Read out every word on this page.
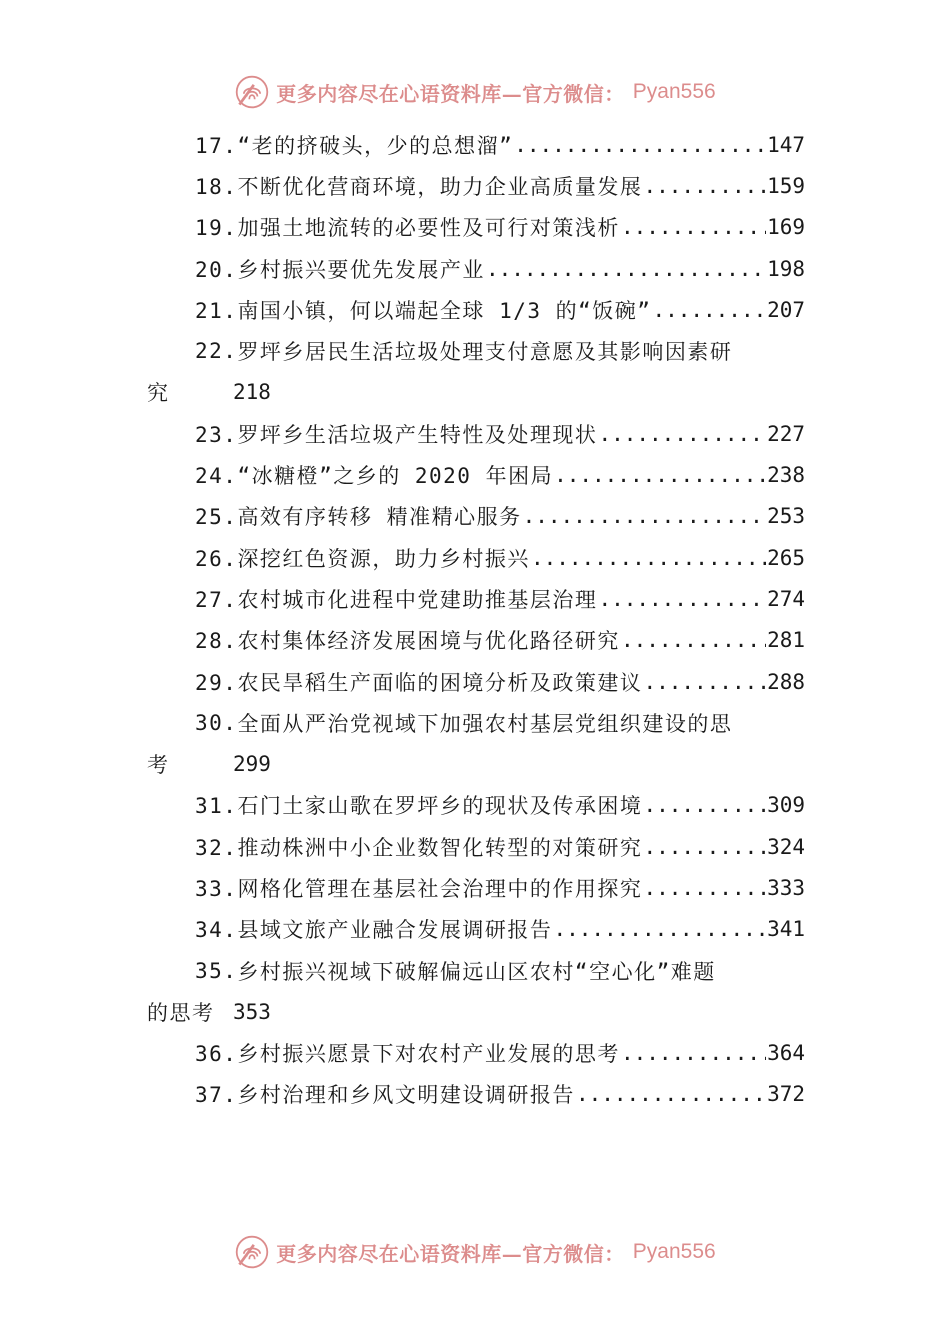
更多内容尽在心语资料库—官方微信： Pyan556
17.“老的挤破头，少的总想溜” .....	147
18.不断优化营商环境，助力企业高质量发展 .....	159
19.加强土地流转的必要性及可行对策浅析 .....	169
20.乡村振兴要优先发展产业 .....	198
21.南国小镇，何以端起全球 1/3 的“饭碗” .....	207
22. 罗坪乡居民生活垃圾处理支付意愿及其影响因素研
究	218
23.罗坪乡生活垃圾产生特性及处理现状 .....	227
24.“冰糖橙”之乡的 2020 年困局 .....	238
25.高效有序转移 精准精心服务 .....	253
26.深挖红色资源，助力乡村振兴 .....	265
27.农村城市化进程中党建助推基层治理 .....	274
28.农村集体经济发展困境与优化路径研究 .....	281
29.农民旱稻生产面临的困境分析及政策建议 .....	288
30. 全面从严治党视域下加强农村基层党组织建设的思
考	299
31.石门土家山歌在罗坪乡的现状及传承困境 .....	309
32.推动株洲中小企业数智化转型的对策研究 .....	324
33.网格化管理在基层社会治理中的作用探究 .....	333
34.县域文旅产业融合发展调研报告 .....	341
35. 乡村振兴视域下破解偏远山区农村“空心化”难题
的思考 353
36.乡村振兴愿景下对农村产业发展的思考 .....	364
37.乡村治理和乡风文明建设调研报告 .....	372
更多内容尽在心语资料库—官方微信： Pyan556
